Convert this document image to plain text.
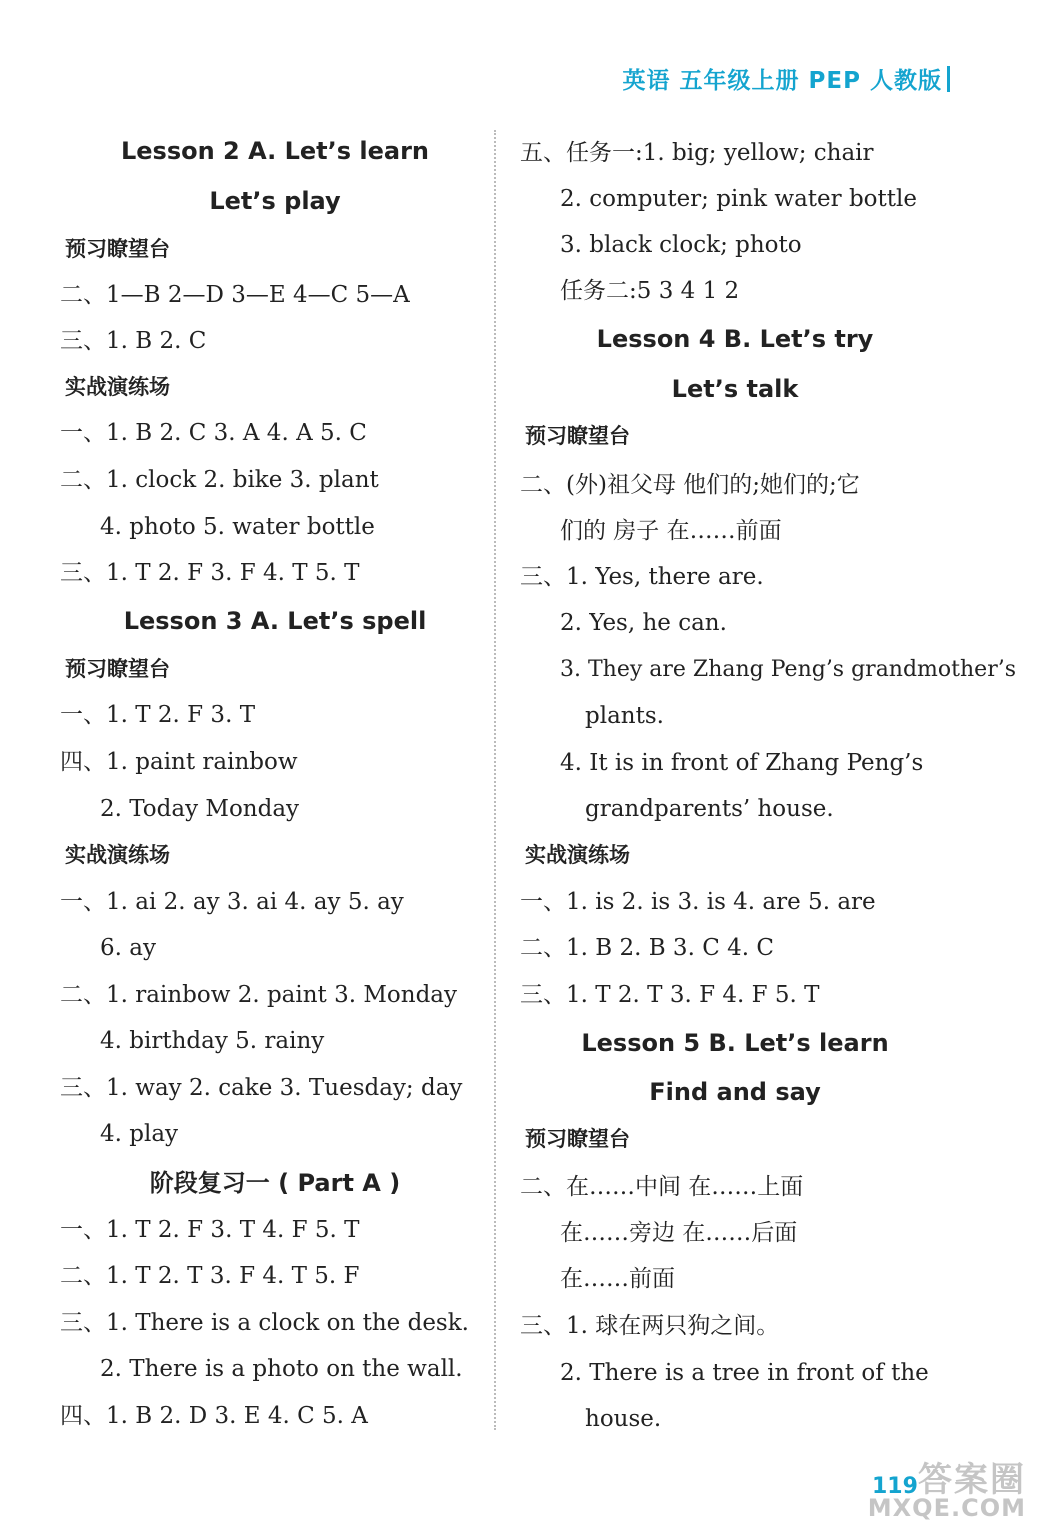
英语 五年级上册 PEP 人教版
Lesson 2 A. Let’s learn
Let’s play
预习瞭望台
二、1—B 2—D 3—E 4—C 5—A
三、1. B 2. C
实战演练场
一、1. B 2. C 3. A 4. A 5. C
二、1. clock 2. bike 3. plant
4. photo 5. water bottle
三、1. T 2. F 3. F 4. T 5. T
Lesson 3 A. Let’s spell
预习瞭望台
一、1. T 2. F 3. T
四、1. paint rainbow
2. Today Monday
实战演练场
一、1. ai 2. ay 3. ai 4. ay 5. ay
6. ay
二、1. rainbow 2. paint 3. Monday
4. birthday 5. rainy
三、1. way 2. cake 3. Tuesday; day
4. play
阶段复习一 ( Part A )
一、1. T 2. F 3. T 4. F 5. T
二、1. T 2. T 3. F 4. T 5. F
三、1. There is a clock on the desk.
2. There is a photo on the wall.
四、1. B 2. D 3. E 4. C 5. A
五、任务一:1. big; yellow; chair
2. computer; pink water bottle
3. black clock; photo
任务二:5 3 4 1 2
Lesson 4 B. Let’s try
Let’s talk
预习瞭望台
二、(外)祖父母 他们的;她们的;它
们的 房子 在……前面
三、1. Yes, there are.
2. Yes, he can.
3. They are Zhang Peng’s grandmother’s
plants.
4. It is in front of Zhang Peng’s
grandparents’ house.
实战演练场
一、1. is 2. is 3. is 4. are 5. are
二、1. B 2. B 3. C 4. C
三、1. T 2. T 3. F 4. F 5. T
Lesson 5 B. Let’s learn
Find and say
预习瞭望台
二、在……中间 在……上面
在……旁边 在……后面
在……前面
三、1. 球在两只狗之间。
2. There is a tree in front of the
house.
119 答案圈
MXQE.COM
